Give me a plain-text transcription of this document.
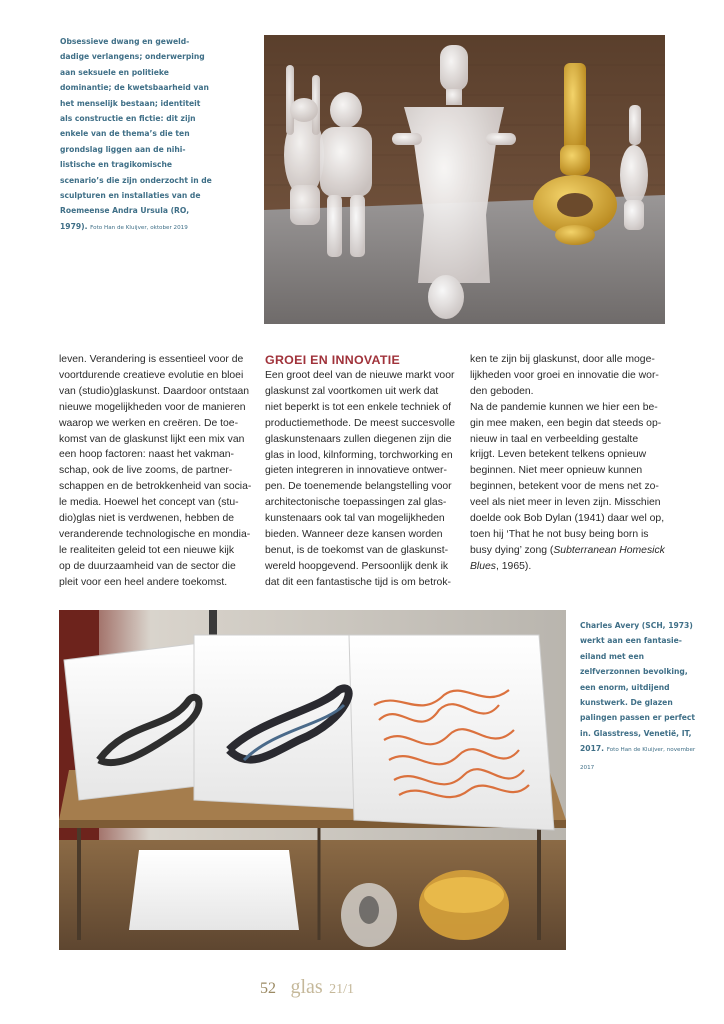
Obsessieve dwang en gewelddadige verlangens; onderwerping aan seksuele en politieke dominantie; de kwetsbaarheid van het menselijk bestaan; identiteit als constructie en fictie: dit zijn enkele van de thema’s die ten grondslag liggen aan de nihilistische en tragikomische scenario’s die zijn onderzocht in de sculpturen en installaties van de Roemeense Andra Ursula (RO, 1979). Foto Han de Kluijver, oktober 2019

leven. Verandering is essentieel voor de

voortdurende creatieve evolutie en bloei

van (studio)glaskunst. Daardoor ontstaan

nieuwe mogelijkheden voor de manieren

waarop we werken en creëren. De toe-

komst van de glaskunst lijkt een mix van

een hoop factoren: naast het vakman-

schap, ook de live zooms, de partner-

schappen en de betrokkenheid van socia-

le media. Hoewel het concept van (stu-

dio)glas niet is verdwenen, hebben de

veranderende technologische en mondia-

le realiteiten geleid tot een nieuwe kijk

op de duurzaamheid van de sector die

pleit voor een heel andere toekomst.

GROEI EN INNOVATIE

Een groot deel van de nieuwe markt voor

glaskunst zal voortkomen uit werk dat

niet beperkt is tot een enkele techniek of

productiemethode. De meest succesvolle

glaskunstenaars zullen diegenen zijn die

glas in lood, kilnforming, torchworking en

gieten integreren in innovatieve ontwer-

pen. De toenemende belangstelling voor

architectonische toepassingen zal glas-

kunstenaars ook tal van mogelijkheden

bieden. Wanneer deze kansen worden

benut, is de toekomst van de glaskunst-

wereld hoopgevend. Persoonlijk denk ik

dat dit een fantastische tijd is om betrok-

ken te zijn bij glaskunst, door alle moge-

lijkheden voor groei en innovatie die wor-

den geboden.

Na de pandemie kunnen we hier een be-

gin mee maken, een begin dat steeds op-

nieuw in taal en verbeelding gestalte

krijgt. Leven betekent telkens opnieuw

beginnen. Niet meer opnieuw kunnen

beginnen, betekent voor de mens net zo-

veel als niet meer in leven zijn. Misschien

doelde ook Bob Dylan (1941) daar wel op,

toen hij ‘That he not busy being born is

busy dying’ zong (Subterranean Homesick

Blues, 1965).

Charles Avery (SCH, 1973) werkt aan een fantasie-eiland met een zelfverzonnen bevolking, een enorm, uitdijend kunstwerk. De glazen palingen passen er perfect in. Glasstress, Venetië, IT, 2017. Foto Han de Kluijver, november 2017

52 glas 21/1
